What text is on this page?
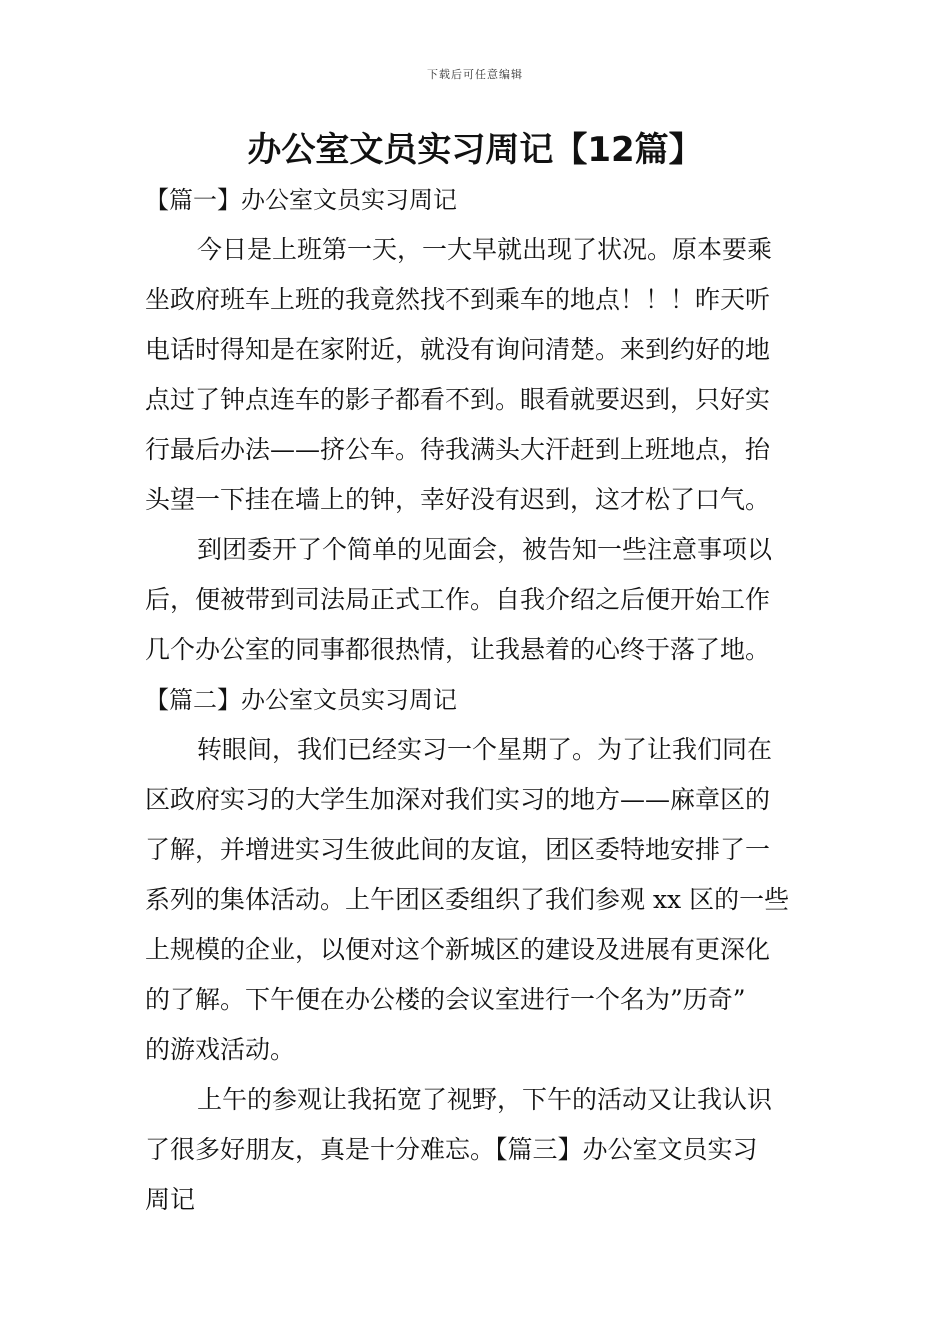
下载后可任意编辑
办公室文员实习周记【12篇】
【篇一】办公室文员实习周记
今日是上班第一天，一大早就出现了状况。原本要乘
坐政府班车上班的我竟然找不到乘车的地点！！！昨天听
电话时得知是在家附近，就没有询问清楚。来到约好的地
点过了钟点连车的影子都看不到。眼看就要迟到，只好实
行最后办法——挤公车。待我满头大汗赶到上班地点，抬
头望一下挂在墙上的钟，幸好没有迟到，这才松了口气。
到团委开了个简单的见面会，被告知一些注意事项以
后，便被带到司法局正式工作。自我介绍之后便开始工作
几个办公室的同事都很热情，让我悬着的心终于落了地。
【篇二】办公室文员实习周记
转眼间，我们已经实习一个星期了。为了让我们同在
区政府实习的大学生加深对我们实习的地方——麻章区的
了解，并增进实习生彼此间的友谊，团区委特地安排了一
系列的集体活动。上午团区委组织了我们参观 xx 区的一些
上规模的企业，以便对这个新城区的建设及进展有更深化
的了解。下午便在办公楼的会议室进行一个名为”历奇”
的游戏活动。
上午的参观让我拓宽了视野，下午的活动又让我认识
了很多好朋友，真是十分难忘。【篇三】办公室文员实习
周记
